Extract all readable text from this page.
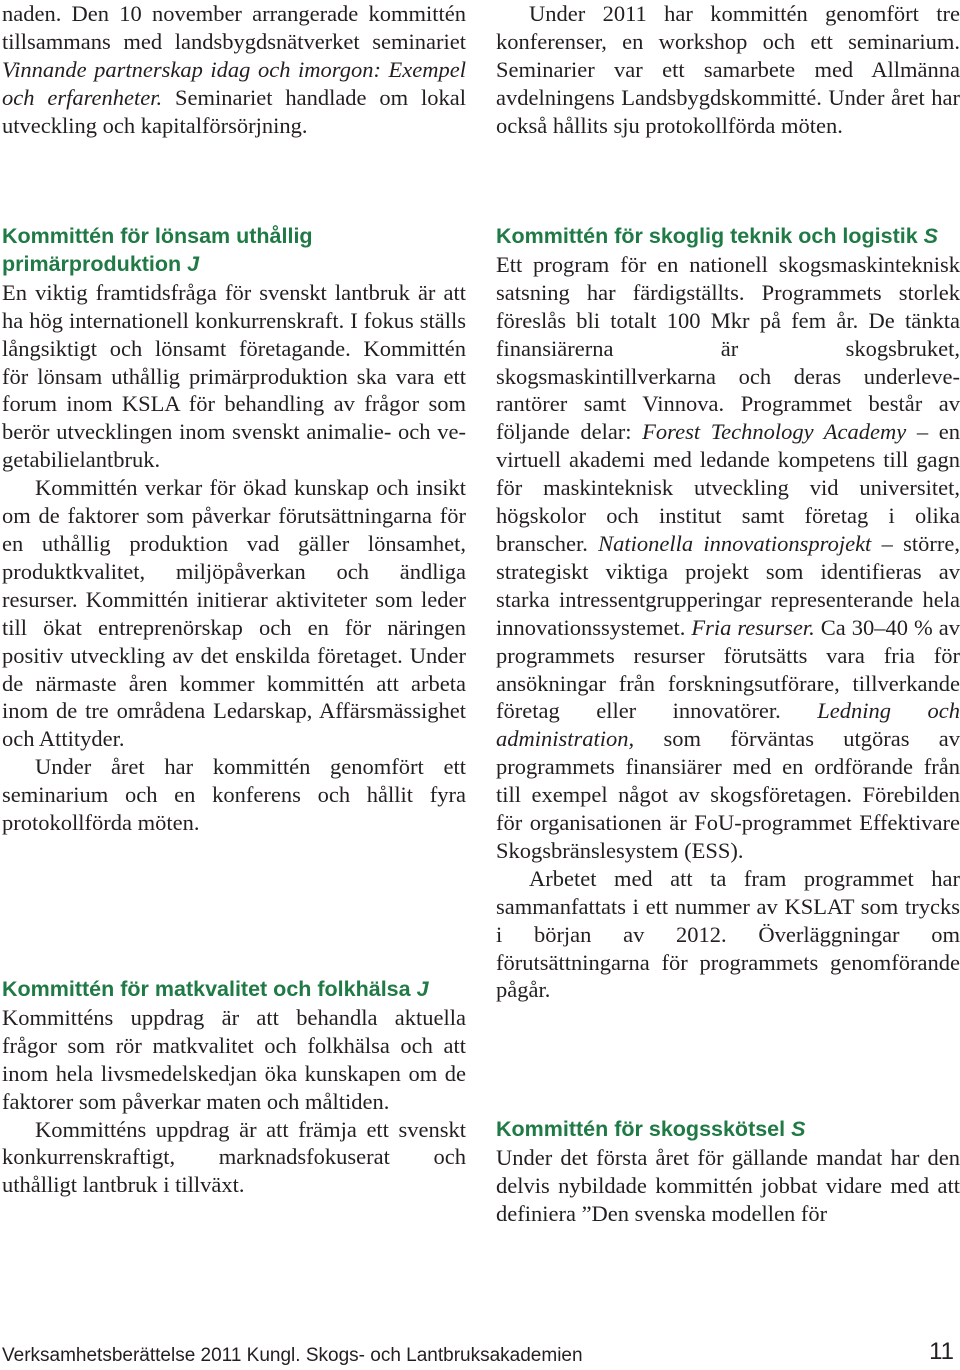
naden. Den 10 november arrangerade kommittén tillsammans med landsbygdsnätverket seminariet Vinnande partnerskap idag och imorgon: Exempel och erfarenheter. Seminariet handlade om lokal utveckling och kapitalförsörjning.

Kommittén för lönsam uthållig primärproduktion J

En viktig framtidsfråga för svenskt lantbruk är att ha hög internationell konkurrenskraft. I fokus ställs långsiktigt och lönsamt företagande. Kommittén för lönsam uthållig primärproduktion ska vara ett forum inom KSLA för behandling av frågor som berör utvecklingen inom svenskt animalie- och vegetabilielantbruk.

Kommittén verkar för ökad kunskap och insikt om de faktorer som påverkar förutsättningarna för en uthållig produktion vad gäller lönsamhet, produktkvalitet, miljöpåverkan och ändliga resurser. Kommittén initierar aktiviteter som leder till ökat entreprenörskap och en för näringen positiv utveckling av det enskilda företaget. Under de närmaste åren kommer kommittén att arbeta inom de tre områdena Ledarskap, Affärsmässighet och Attityder.

Under året har kommittén genomfört ett seminarium och en konferens och hållit fyra protokollförda möten.

Kommittén för matkvalitet och folkhälsa J

Kommitténs uppdrag är att behandla aktuella frågor som rör matkvalitet och folkhälsa och att inom hela livsmedelskedjan öka kunskapen om de faktorer som påverkar maten och måltiden.

Kommitténs uppdrag är att främja ett svenskt konkurrenskraftigt, marknadsfokuserat och uthålligt lantbruk i tillväxt.

Under 2011 har kommittén genomfört tre konferenser, en workshop och ett seminarium. Seminarier var ett samarbete med Allmänna avdelningens Landsbygdskommitté. Under året har också hållits sju protokollförda möten.

Kommittén för skoglig teknik och logistik S

Ett program för en nationell skogsmaskinteknisk satsning har färdigställts. Programmets storlek föreslås bli totalt 100 Mkr på fem år. De tänkta finansiärerna är skogsbruket, skogsmaskintillverkarna och deras underleverantörer samt Vinnova. Programmet består av följande delar: Forest Technology Academy – en virtuell akademi med ledande kompetens till gagn för maskinteknisk utveckling vid universitet, högskolor och institut samt företag i olika branscher. Nationella innovationsprojekt – större, strategiskt viktiga projekt som identifieras av starka intressentgrupperingar representerande hela innovationssystemet. Fria resurser. Ca 30–40 % av programmets resurser förutsätts vara fria för ansökningar från forskningsutförare, tillverkande företag eller innovatörer. Ledning och administration, som förväntas utgöras av programmets finansiärer med en ordförande från till exempel något av skogsföretagen. Förebilden för organisationen är FoU-programmet Effektivare Skogsbränslesystem (ESS).

Arbetet med att ta fram programmet har sammanfattats i ett nummer av KSLAT som trycks i början av 2012. Överläggningar om förutsättningarna för programmets genomförande pågår.

Kommittén för skogsskötsel S

Under det första året för gällande mandat har den delvis nybildade kommittén jobbat vidare med att definiera ”Den svenska modellen för

Verksamhetsberättelse 2011 Kungl. Skogs- och Lantbruksakademien	11
